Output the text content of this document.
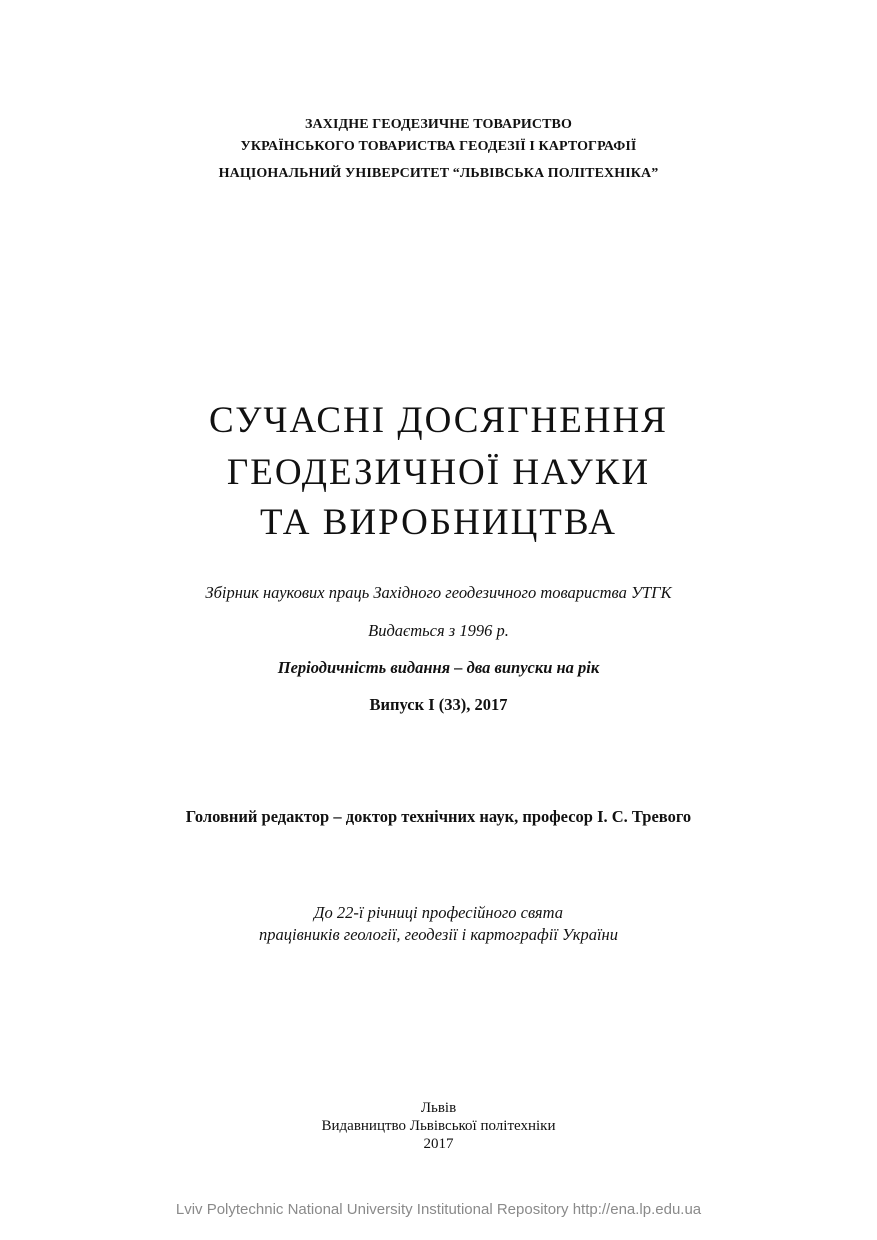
ЗАХІДНЕ ГЕОДЕЗИЧНЕ ТОВАРИСТВО
УКРАЇНСЬКОГО ТОВАРИСТВА ГЕОДЕЗІЇ І КАРТОГРАФІЇ
НАЦІОНАЛЬНИЙ УНІВЕРСИТЕТ “ЛЬВІВСЬКА ПОЛІТЕХНІКА”
СУЧАСНІ ДОСЯГНЕННЯ
ГЕОДЕЗИЧНОЇ НАУКИ
ТА ВИРОБНИЦТВА
Збірник наукових праць Західного геодезичного товариства УТГК
Видається з 1996 р.
Періодичність видання – два випуски на рік
Випуск І (33), 2017
Головний редактор – доктор технічних наук, професор І. С. Тревого
До 22-ї річниці професійного свята
працівників геології, геодезії і картографії України
Львів
Видавництво Львівської політехніки
2017
Lviv Polytechnic National University Institutional Repository http://ena.lp.edu.ua
